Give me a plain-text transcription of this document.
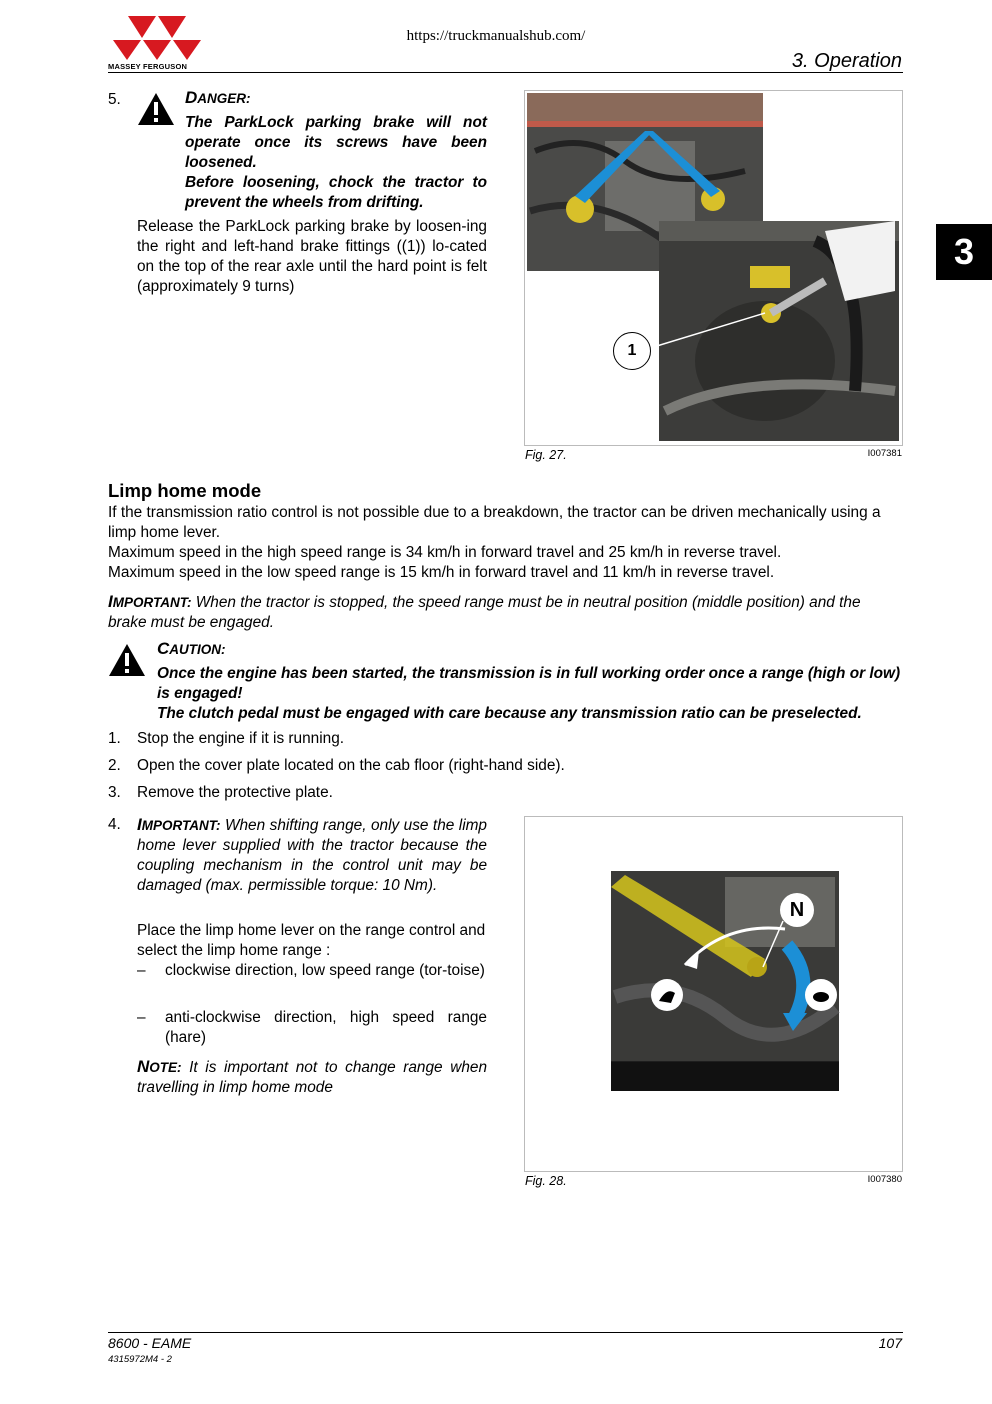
MASSEY FERGUSON
https://truckmanualshub.com/
3. Operation
3
5.	DANGER:
The ParkLock parking brake will not operate once its screws have been loosened.
Before loosening, chock the tractor to prevent the wheels from drifting.
Release the ParkLock parking brake by loosen-ing the right and left-hand brake fittings ((1)) lo-cated on the top of the rear axle until the hard point is felt (approximately 9 turns)
1
Fig. 27.	I007381
Limp home mode
If the transmission ratio control is not possible due to a breakdown, the tractor can be driven mechanically using a limp home lever.
Maximum speed in the high speed range is 34 km/h in forward travel and 25 km/h in reverse travel.
Maximum speed in the low speed range is 15 km/h in forward travel and 11 km/h in reverse travel.
IMPORTANT: When the tractor is stopped, the speed range must be in neutral position (middle position) and the brake must be engaged.
CAUTION:
Once the engine has been started, the transmission is in full working order once a range (high or low) is engaged!
The clutch pedal must be engaged with care because any transmission ratio can be preselected.
1. Stop the engine if it is running.
2. Open the cover plate located on the cab floor (right-hand side).
3. Remove the protective plate.
4. IMPORTANT: When shifting range, only use the limp home lever supplied with the tractor because the coupling mechanism in the control unit may be damaged (max. permissible torque: 10 Nm).
Place the limp home lever on the range control and select the limp home range :
– clockwise direction, low speed range (tor-toise)
– anti-clockwise direction, high speed range (hare)
NOTE: It is important not to change range when travelling in limp home mode
N
Fig. 28.	I007380
8600 - EAME
4315972M4 - 2
107
